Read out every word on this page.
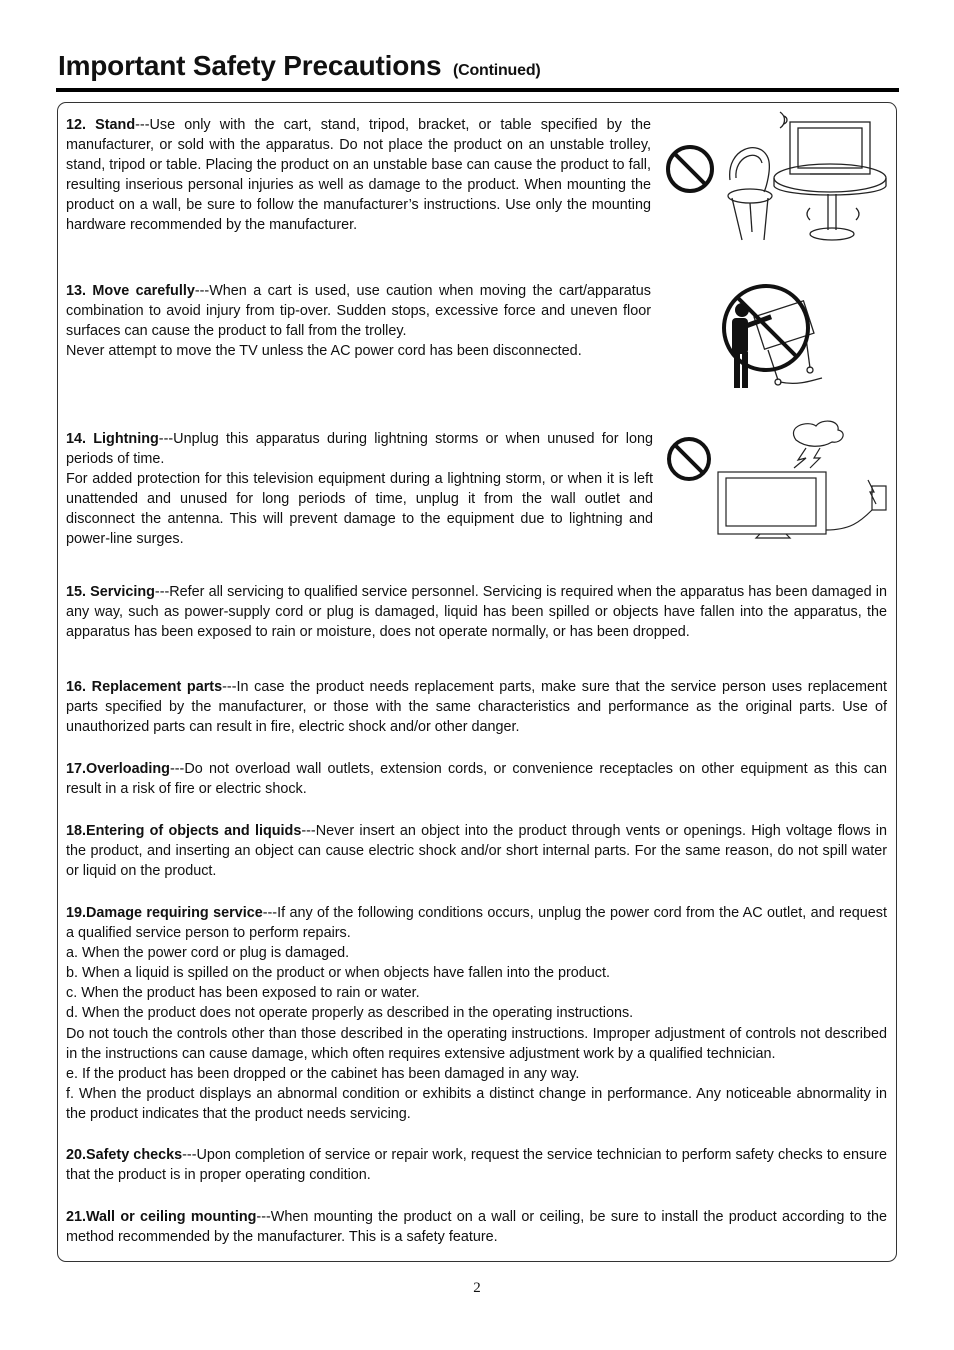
Important Safety Precautions (Continued)
12. Stand---Use only with the cart, stand, tripod, bracket, or table specified by the manufacturer, or sold with the apparatus. Do not place the product on an unstable trolley, stand, tripod or table. Placing the product on an unstable base can cause the product to fall, resulting inserious personal injuries as well as damage to the product. When mounting the product on a wall, be sure to follow the manufacturer’s instructions. Use only the mounting hardware recommended by the manufacturer.
13. Move carefully---When a cart is used, use caution when moving the cart/apparatus combination to avoid injury from tip-over. Sudden stops, excessive force and uneven floor surfaces can cause the product to fall from the trolley.
Never attempt to move the TV unless the AC power cord has been disconnected.
14. Lightning---Unplug this apparatus during lightning storms or when unused for long periods of time.
For added protection for this television equipment during a lightning storm, or when it is left unattended and unused for long periods of time, unplug it from the wall outlet and disconnect the antenna. This will prevent damage to the equipment due to lightning and power-line surges.
15. Servicing---Refer all servicing to qualified service personnel. Servicing is required when the apparatus has been damaged in any way, such as power-supply cord or plug is damaged, liquid has been spilled or objects have fallen into the apparatus, the apparatus has been exposed to rain or moisture, does not operate normally, or has been dropped.
16. Replacement parts---In case the product needs replacement parts, make sure that the service person uses replacement parts specified by the manufacturer, or those with the same characteristics and performance as the original parts. Use of unauthorized parts can result in fire, electric shock and/or other danger.
17.Overloading---Do not overload wall outlets, extension cords, or convenience receptacles on other equipment as this can result in a risk of fire or electric shock.
18.Entering of objects and liquids---Never insert an object into the product through vents or openings. High voltage flows in the product, and inserting an object can cause electric shock and/or short internal parts. For the same reason, do not spill water or liquid on the product.
19.Damage requiring service---If any of the following conditions occurs, unplug the power cord from the AC outlet, and request a qualified service person to perform repairs.
a. When the power cord or plug is damaged.
b. When a liquid is spilled on the product or when objects have fallen into the product.
c. When the product has been exposed to rain or water.
d. When the product does not operate properly as described in the operating instructions.
Do not touch the controls other than those described in the operating instructions. Improper adjustment of controls not described in the instructions can cause damage, which often requires extensive adjustment work by a qualified technician.
e. If the product has been dropped or the cabinet has been damaged in any way.
f. When the product displays an abnormal condition or exhibits a distinct change in performance. Any noticeable abnormality in the product indicates that the product needs servicing.
20.Safety checks---Upon completion of service or repair work, request the service technician to perform safety checks to ensure that the product is in proper operating condition.
21.Wall or ceiling mounting---When mounting the product on a wall or ceiling, be sure to install the product according to the method recommended by the manufacturer. This is a safety feature.
2
